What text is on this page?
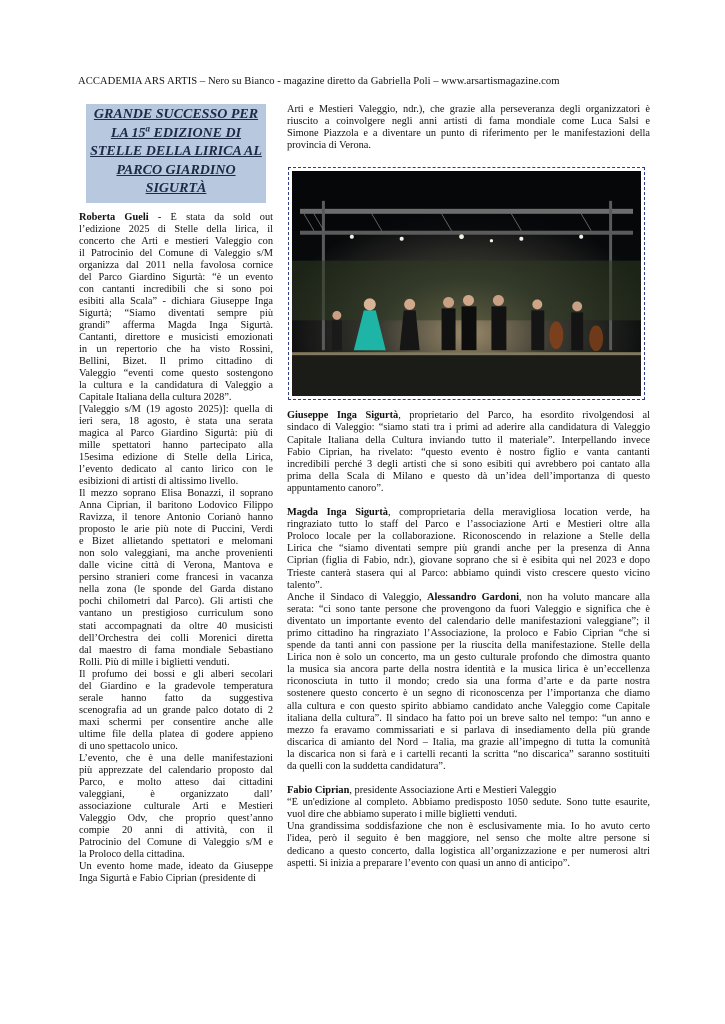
ACCADEMIA ARS ARTIS – Nero su Bianco - magazine diretto da Gabriella Poli – www.arsartismagazine.com
GRANDE SUCCESSO PER
LA 15$^a$ EDIZIONE DI
STELLE DELLA LIRICA AL
PARCO GIARDINO
SIGURTÀ
Roberta Gueli - È stata da sold out
l’edizione 2025 di Stelle della lirica, il
concerto che Arti e mestieri Valeggio con
il Patrocinio del Comune di Valeggio s/M
organizza dal 2011 nella favolosa cornice
del Parco Giardino Sigurtà: “è un evento
con cantanti incredibili che si sono poi
esibiti alla Scala” - dichiara Giuseppe Inga
Sigurtà; “Siamo diventati sempre più
grandi” afferma Magda Inga Sigurtà.
Cantanti, direttore e musicisti emozionati
in un repertorio che ha visto Rossini,
Bellini, Bizet. Il primo cittadino di
Valeggio “eventi come questo sostengono
la cultura e la candidatura di Valeggio a
Capitale Italiana della cultura 2028”.
[Valeggio s/M (19 agosto 2025)]: quella di
ieri sera, 18 agosto, è stata una serata
magica al Parco Giardino Sigurtà: più di
mille spettatori hanno partecipato alla
15esima edizione di Stelle della Lirica,
l’evento dedicato al canto lirico con le
esibizioni di artisti di altissimo livello.
Il mezzo soprano Elisa Bonazzi, il soprano
Anna Ciprian, il baritono Lodovico Filippo
Ravizza, il tenore Antonio Corianò hanno
proposto le arie più note di Puccini, Verdi
e Bizet allietando spettatori e melomani
non solo valeggiani, ma anche provenienti
dalle vicine città di Verona, Mantova e
persino stranieri come francesi in vacanza
nella zona (le sponde del Garda distano
pochi chilometri dal Parco). Gli artisti che
vantano un prestigioso curriculum sono
stati accompagnati da oltre 40 musicisti
dell’Orchestra dei colli Morenici diretta
dal maestro di fama mondiale Sebastiano
Rolli. Più di mille i biglietti venduti.
Il profumo dei bossi e gli alberi secolari
del Giardino e la gradevole temperatura
serale hanno fatto da suggestiva
scenografia ad un grande palco dotato di 2
maxi schermi per consentire anche alle
ultime file della platea di godere appieno
di uno spettacolo unico.
L’evento, che è una delle manifestazioni
più apprezzate del calendario proposto dal
Parco, e molto atteso dai cittadini
valeggiani, è organizzato dall’
associazione culturale Arti e Mestieri
Valeggio Odv, che proprio quest’anno
compie 20 anni di attività, con il
Patrocinio del Comune di Valeggio s/M e
la Proloco della cittadina.
Un evento home made, ideato da Giuseppe
Inga Sigurtà e Fabio Ciprian (presidente di
Arti e Mestieri Valeggio, ndr.), che grazie alla perseveranza degli organizzatori è
riuscito a coinvolgere negli anni artisti di fama mondiale come Luca Salsi e
Simone Piazzola e a diventare un punto di riferimento per le manifestazioni della
provincia di Verona.
Giuseppe Inga Sigurtà, proprietario del Parco, ha esordito rivolgendosi al
sindaco di Valeggio: “siamo stati tra i primi ad aderire alla candidatura di Valeggio
Capitale Italiana della Cultura inviando tutto il materiale”. Interpellando invece
Fabio Ciprian, ha rivelato: “questo evento è nostro figlio e vanta cantanti
incredibili perché 3 degli artisti che si sono esibiti qui avrebbero poi cantato alla
prima della Scala di Milano e questo dà un’idea dell’importanza di questo
appuntamento canoro”.
Magda Inga Sigurtà, comproprietaria della meravigliosa location verde, ha
ringraziato tutto lo staff del Parco e l’associazione Arti e Mestieri oltre alla
Proloco locale per la collaborazione. Riconoscendo in relazione a Stelle della
Lirica che “siamo diventati sempre più grandi anche per la presenza di Anna
Ciprian (figlia di Fabio, ndr.), giovane soprano che si è esibita qui nel 2023 e dopo
Trieste canterà stasera qui al Parco: abbiamo quindi visto crescere questo vicino
talento”.
Anche il Sindaco di Valeggio, Alessandro Gardoni, non ha voluto mancare alla
serata: “ci sono tante persone che provengono da fuori Valeggio e significa che è
diventato un importante evento del calendario delle manifestazioni valeggiane”; il
primo cittadino ha ringraziato l’Associazione, la proloco e Fabio Ciprian “che si
spende da tanti anni con passione per la riuscita della manifestazione. Stelle della
Lirica non è solo un concerto, ma un gesto culturale profondo che dimostra quanto
la musica sia ancora parte della nostra identità e la musica lirica è un’eccellenza
riconosciuta in tutto il mondo; credo sia una forma d’arte e da parte nostra
sostenere questo concerto è un segno di riconoscenza per l’importanza che diamo
alla cultura e con questo spirito abbiamo candidato anche Valeggio come Capitale
italiana della cultura”. Il sindaco ha fatto poi un breve salto nel tempo: “un anno e
mezzo fa eravamo commissariati e si parlava di insediamento della più grande
discarica di amianto del Nord – Italia, ma grazie all’impegno di tutta la comunità
la discarica non si farà e i cartelli recanti la scritta “no discarica” saranno sostituiti
da quelli con la suddetta candidatura”.
Fabio Ciprian, presidente Associazione Arti e Mestieri Valeggio
“È un'edizione al completo. Abbiamo predisposto 1050 sedute. Sono tutte esaurite,
vuol dire che abbiamo superato i mille biglietti venduti.
Una grandissima soddisfazione che non è esclusivamente mia. Io ho avuto certo
l'idea, però il seguito è ben maggiore, nel senso che molte altre persone si
dedicano a questo concerto, dalla logistica all’organizzazione e per numerosi altri
aspetti. Si inizia a preparare l’evento con quasi un anno di anticipo”.
